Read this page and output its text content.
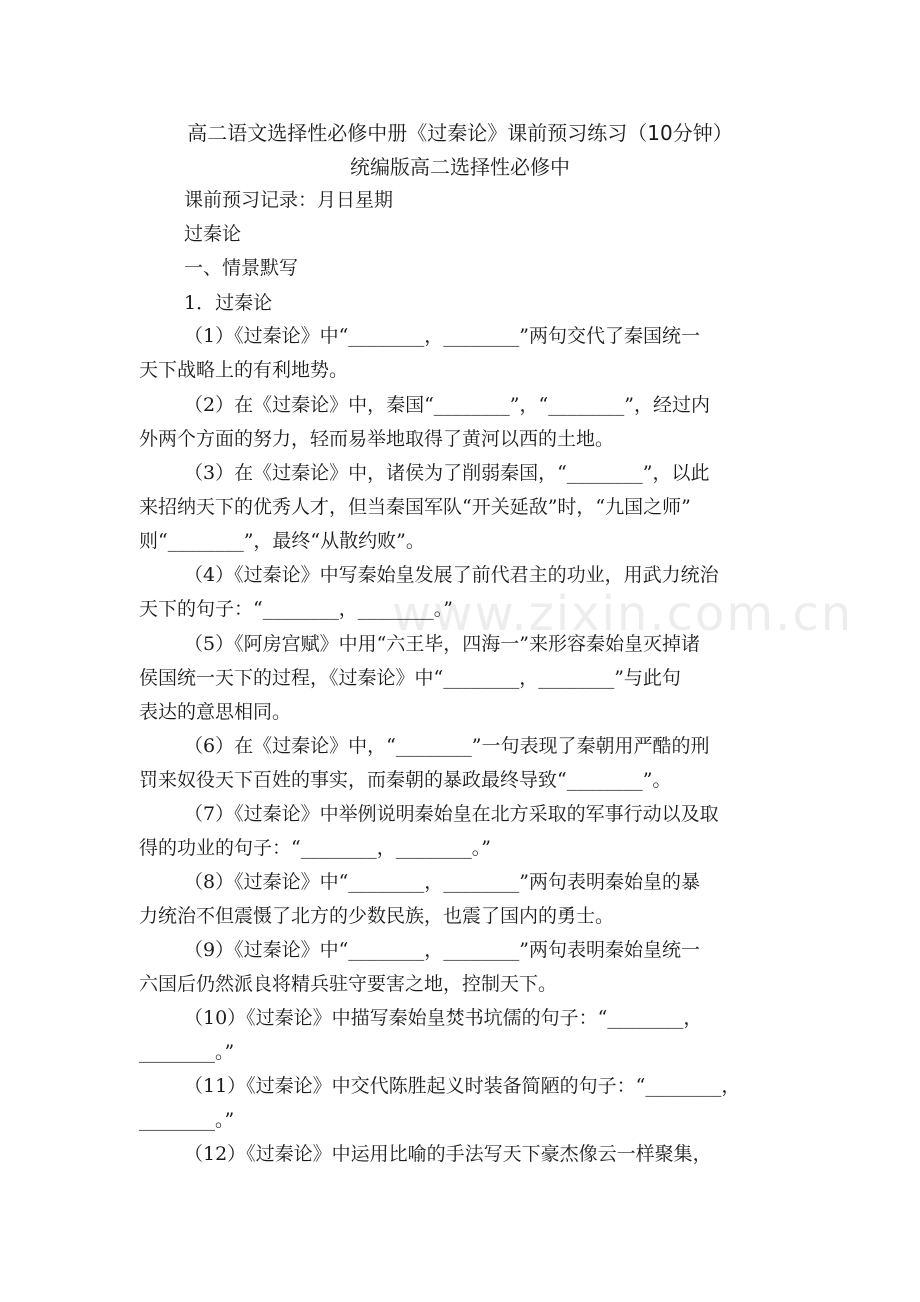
高二语文选择性必修中册《过秦论》课前预习练习（10分钟）
统编版高二选择性必修中
课前预习记录：月日星期
过秦论
一、情景默写
1．过秦论
（1）《过秦论》中“________，________”两句交代了秦国统一
天下战略上的有利地势。
（2）在《过秦论》中，秦国“________”，“________”，经过内
外两个方面的努力，轻而易举地取得了黄河以西的土地。
（3）在《过秦论》中，诸侯为了削弱秦国，“________”，以此
来招纳天下的优秀人才，但当秦国军队“开关延敌”时，“九国之师”
则“________”，最终“从散约败”。
（4）《过秦论》中写秦始皇发展了前代君主的功业，用武力统治
天下的句子：“________，________。”
www.zixin.com.cn
（5）《阿房宫赋》中用“六王毕，四海一”来形容秦始皇灭掉诸
侯国统一天下的过程，《过秦论》中“________，________”与此句
表达的意思相同。
（6）在《过秦论》中，“________”一句表现了秦朝用严酷的刑
罚来奴役天下百姓的事实，而秦朝的暴政最终导致“________”。
（7）《过秦论》中举例说明秦始皇在北方采取的军事行动以及取
得的功业的句子：“________，________。”
（8）《过秦论》中“________，________”两句表明秦始皇的暴
力统治不但震慑了北方的少数民族，也震了国内的勇士。
（9）《过秦论》中“________，________”两句表明秦始皇统一
六国后仍然派良将精兵驻守要害之地，控制天下。
（10）《过秦论》中描写秦始皇焚书坑儒的句子：“________，
________。”
（11）《过秦论》中交代陈胜起义时装备简陋的句子：“________，
________。”
（12）《过秦论》中运用比喻的手法写天下豪杰像云一样聚集，
